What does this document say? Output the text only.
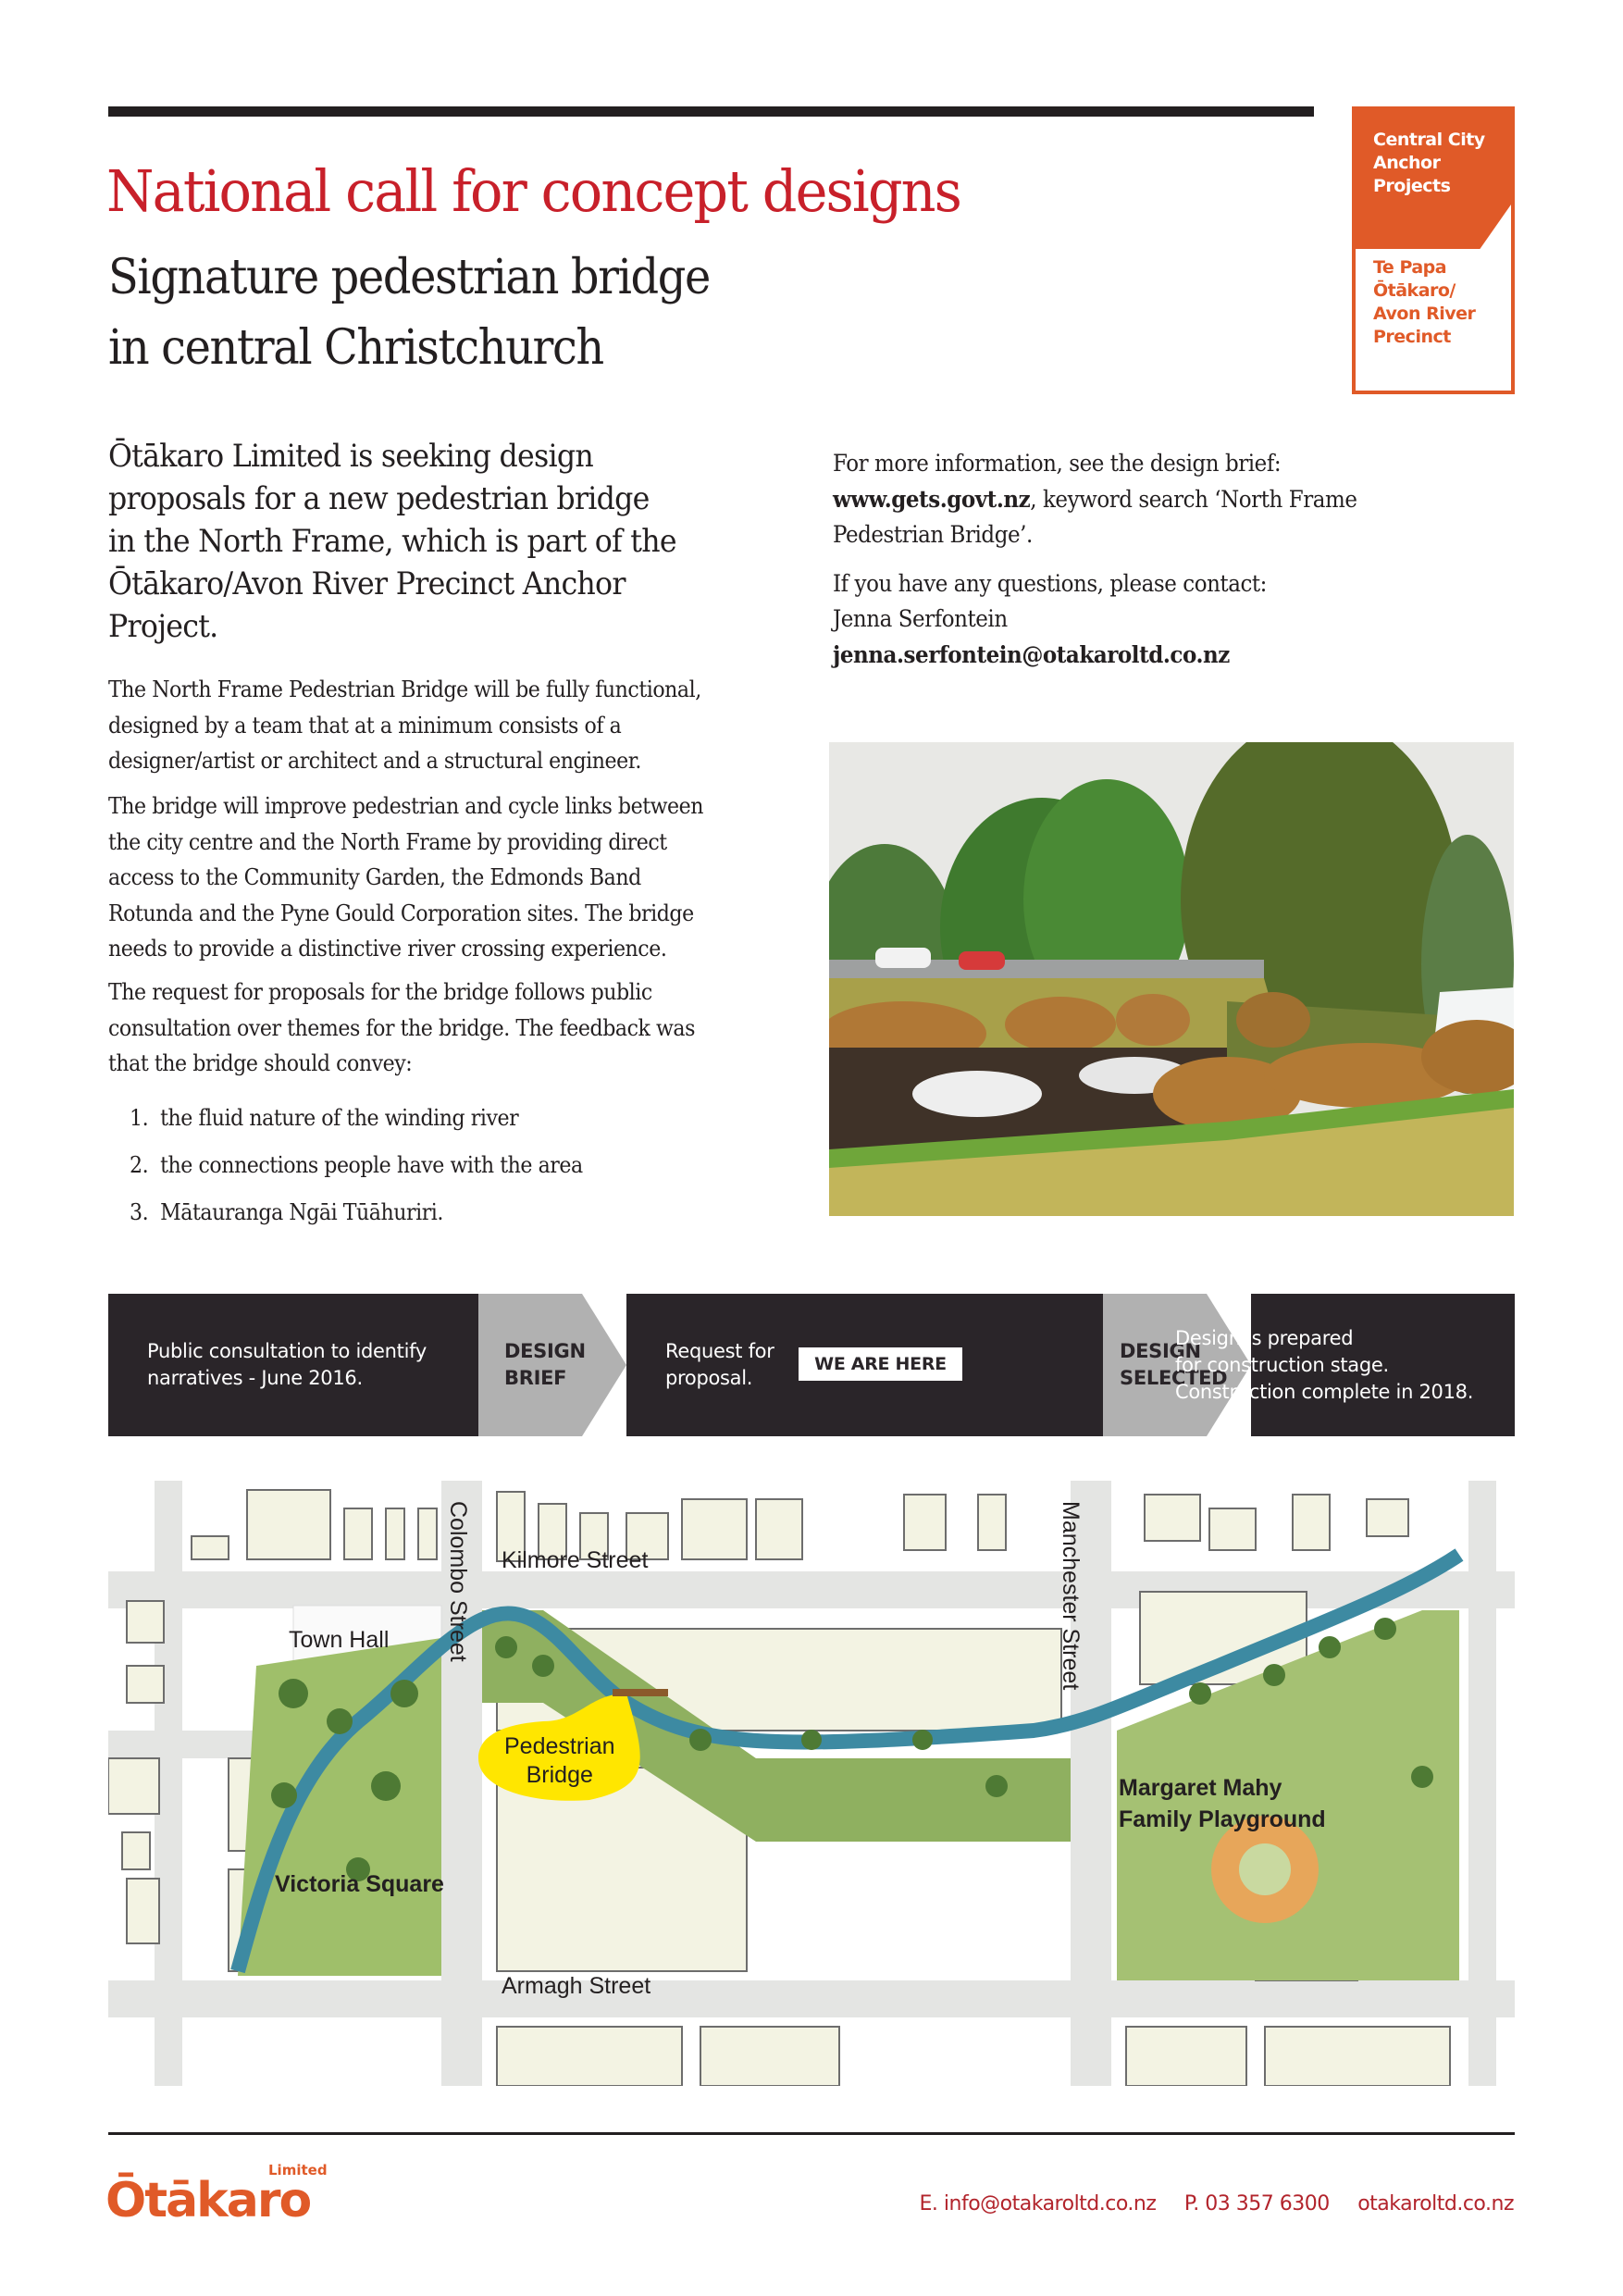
National call for concept designs
Signature pedestrian bridge
in central Christchurch
Central City
Anchor
Projects
Te Papa
Ōtākaro/
Avon River
Precinct
Ōtākaro Limited is seeking design
proposals for a new pedestrian bridge
in the North Frame, which is part of the
Ōtākaro/Avon River Precinct Anchor
Project.
The North Frame Pedestrian Bridge will be fully functional,
designed by a team that at a minimum consists of a
designer/artist or architect and a structural engineer.
The bridge will improve pedestrian and cycle links between
the city centre and the North Frame by providing direct
access to the Community Garden, the Edmonds Band
Rotunda and the Pyne Gould Corporation sites. The bridge
needs to provide a distinctive river crossing experience.
The request for proposals for the bridge follows public
consultation over themes for the bridge. The feedback was
that the bridge should convey:
1. the fluid nature of the winding river
2. the connections people have with the area
3. Mātauranga Ngāi Tūāhuriri.
For more information, see the design brief:
www.gets.govt.nz, keyword search ‘North Frame
Pedestrian Bridge’.
If you have any questions, please contact:
Jenna Serfontein
jenna.serfontein@otakaroltd.co.nz
Public consultation to identify
narratives - June 2016.
DESIGN
BRIEF
Request for
proposal.
WE ARE HERE
DESIGN
SELECTED
Design is prepared
for construction stage.
Construction complete in 2018.
Kilmore Street
Armagh Street
Colombo Street	Manchester Street
Town Hall
Victoria Square
Pedestrian
Bridge	Margaret Mahy
Family Playground
Limited
Ōtākaro	E. info@otakaroltd.co.nz P. 03 357 6300 otakaroltd.co.nz
